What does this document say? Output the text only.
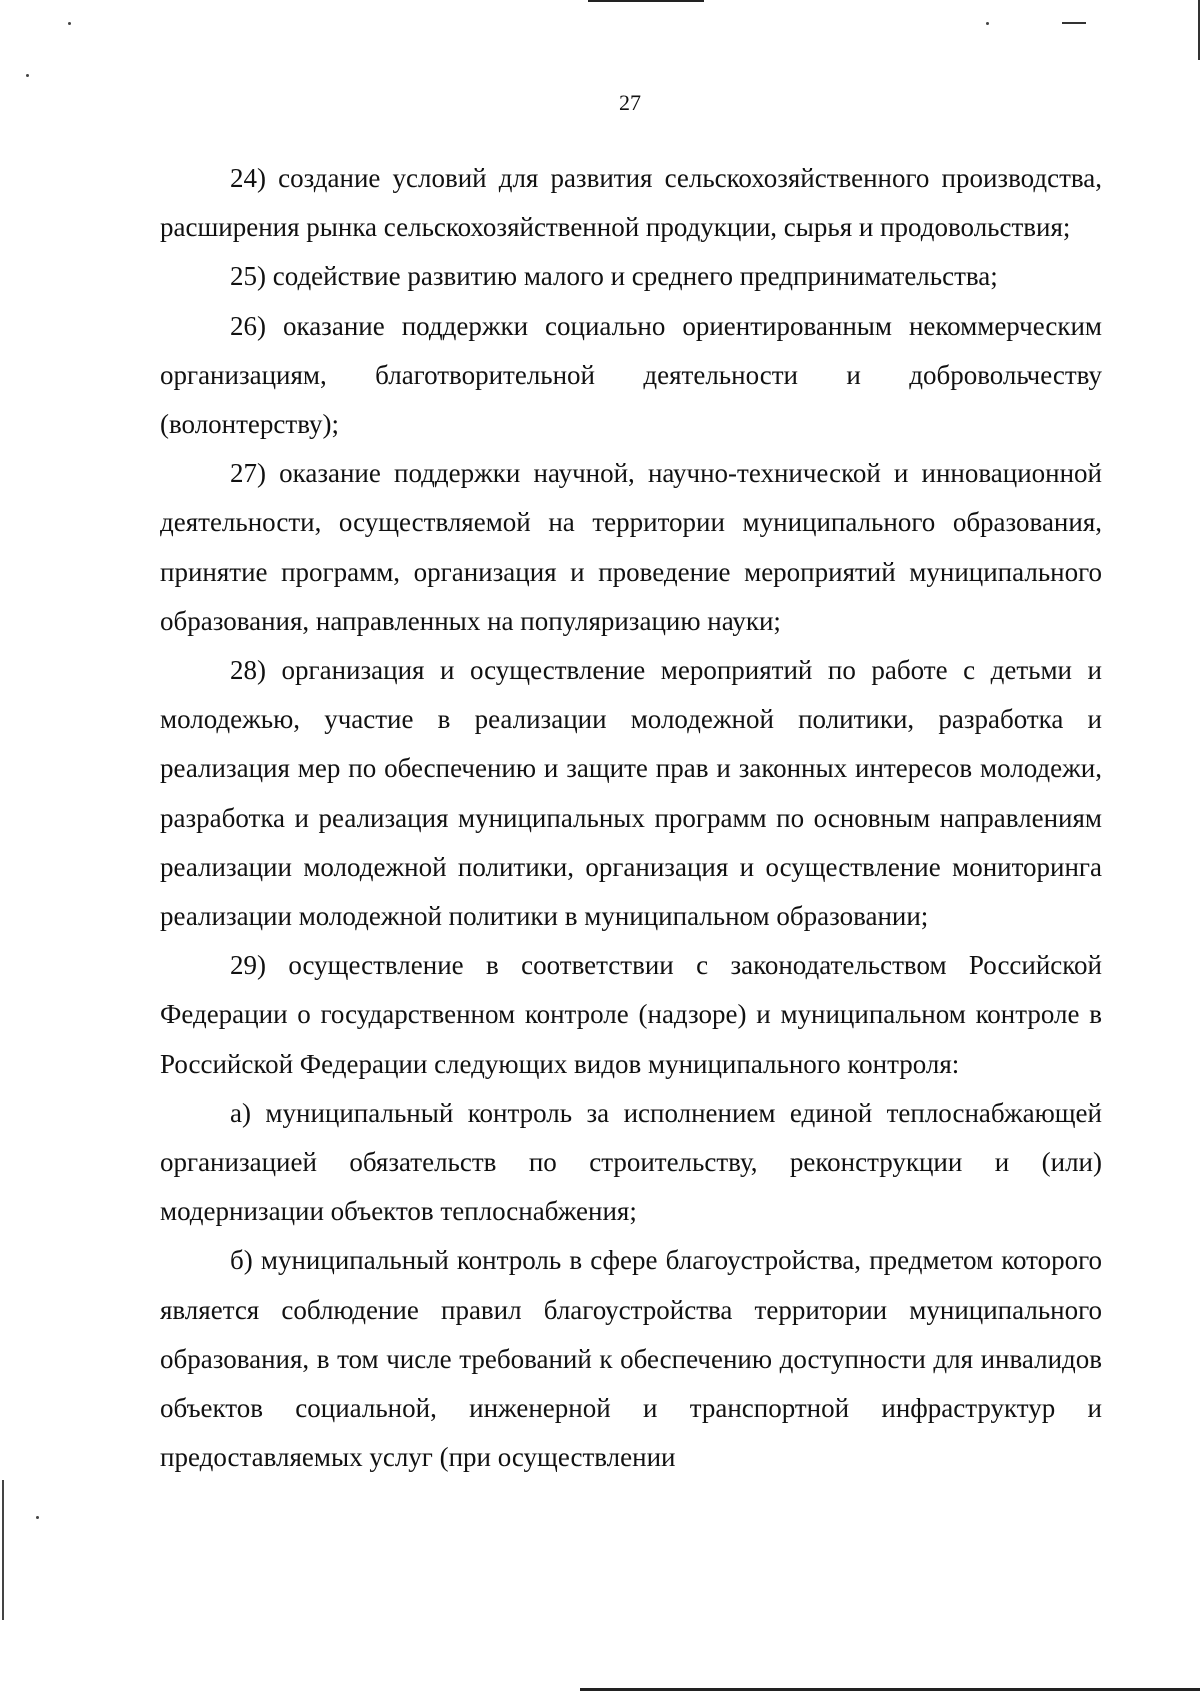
27

24) создание условий для развития сельскохозяйственного производства, расширения рынка сельскохозяйственной продукции, сырья и продовольствия;

25) содействие развитию малого и среднего предпринимательства;

26) оказание поддержки социально ориентированным некоммерческим организациям, благотворительной деятельности и добровольчеству (волонтерству);

27) оказание поддержки научной, научно-технической и инновационной деятельности, осуществляемой на территории муниципального образования, принятие программ, организация и проведение мероприятий муниципального образования, направленных на популяризацию науки;

28) организация и осуществление мероприятий по работе с детьми и молодежью, участие в реализации молодежной политики, разработка и реализация мер по обеспечению и защите прав и законных интересов молодежи, разработка и реализация муниципальных программ по основным направлениям реализации молодежной политики, организация и осуществление мониторинга реализации молодежной политики в муниципальном образовании;

29) осуществление в соответствии с законодательством Российской Федерации о государственном контроле (надзоре) и муниципальном контроле в Российской Федерации следующих видов муниципального контроля:

а) муниципальный контроль за исполнением единой теплоснабжающей организацией обязательств по строительству, реконструкции и (или) модернизации объектов теплоснабжения;

б) муниципальный контроль в сфере благоустройства, предметом которого является соблюдение правил благоустройства территории муниципального образования, в том числе требований к обеспечению доступности для инвалидов объектов социальной, инженерной и транспортной инфраструктур и предоставляемых услуг (при осуществлении
